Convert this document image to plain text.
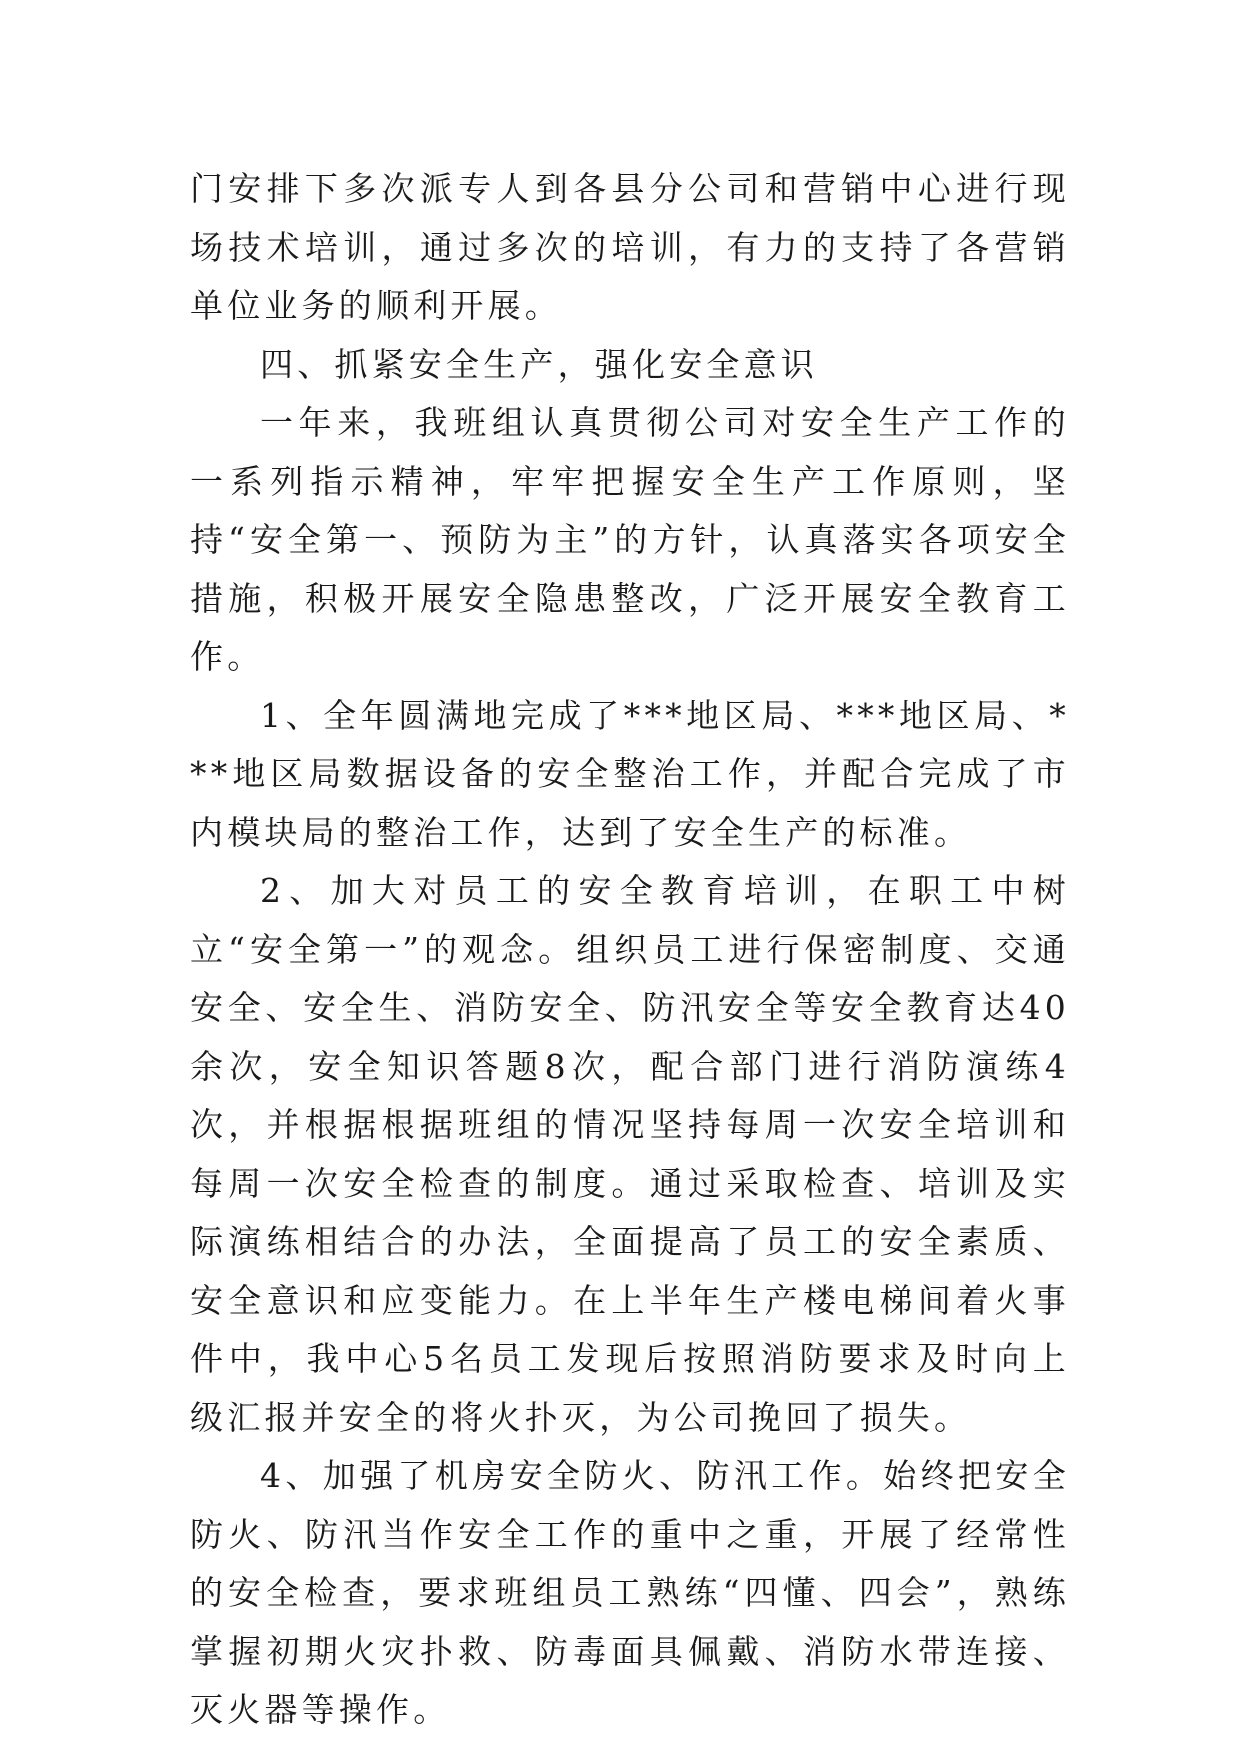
门安排下多次派专人到各县分公司和营销中心进行现场技术培训，通过多次的培训，有力的支持了各营销单位业务的顺利开展。

四、抓紧安全生产，强化安全意识

一年来，我班组认真贯彻公司对安全生产工作的一系列指示精神，牢牢把握安全生产工作原则，坚持“安全第一、预防为主”的方针，认真落实各项安全措施，积极开展安全隐患整改，广泛开展安全教育工作。

1、全年圆满地完成了***地区局、***地区局、***地区局数据设备的安全整治工作，并配合完成了市内模块局的整治工作，达到了安全生产的标准。

2、加大对员工的安全教育培训，在职工中树立“安全第一”的观念。组织员工进行保密制度、交通安全、安全生、消防安全、防汛安全等安全教育达40余次，安全知识答题8次，配合部门进行消防演练4次，并根据根据班组的情况坚持每周一次安全培训和每周一次安全检查的制度。通过采取检查、培训及实际演练相结合的办法，全面提高了员工的安全素质、安全意识和应变能力。在上半年生产楼电梯间着火事件中，我中心5名员工发现后按照消防要求及时向上级汇报并安全的将火扑灭，为公司挽回了损失。

4、加强了机房安全防火、防汛工作。始终把安全防火、防汛当作安全工作的重中之重，开展了经常性的安全检查，要求班组员工熟练“四懂、四会”，熟练掌握初期火灾扑救、防毒面具佩戴、消防水带连接、灭火器等操作。
